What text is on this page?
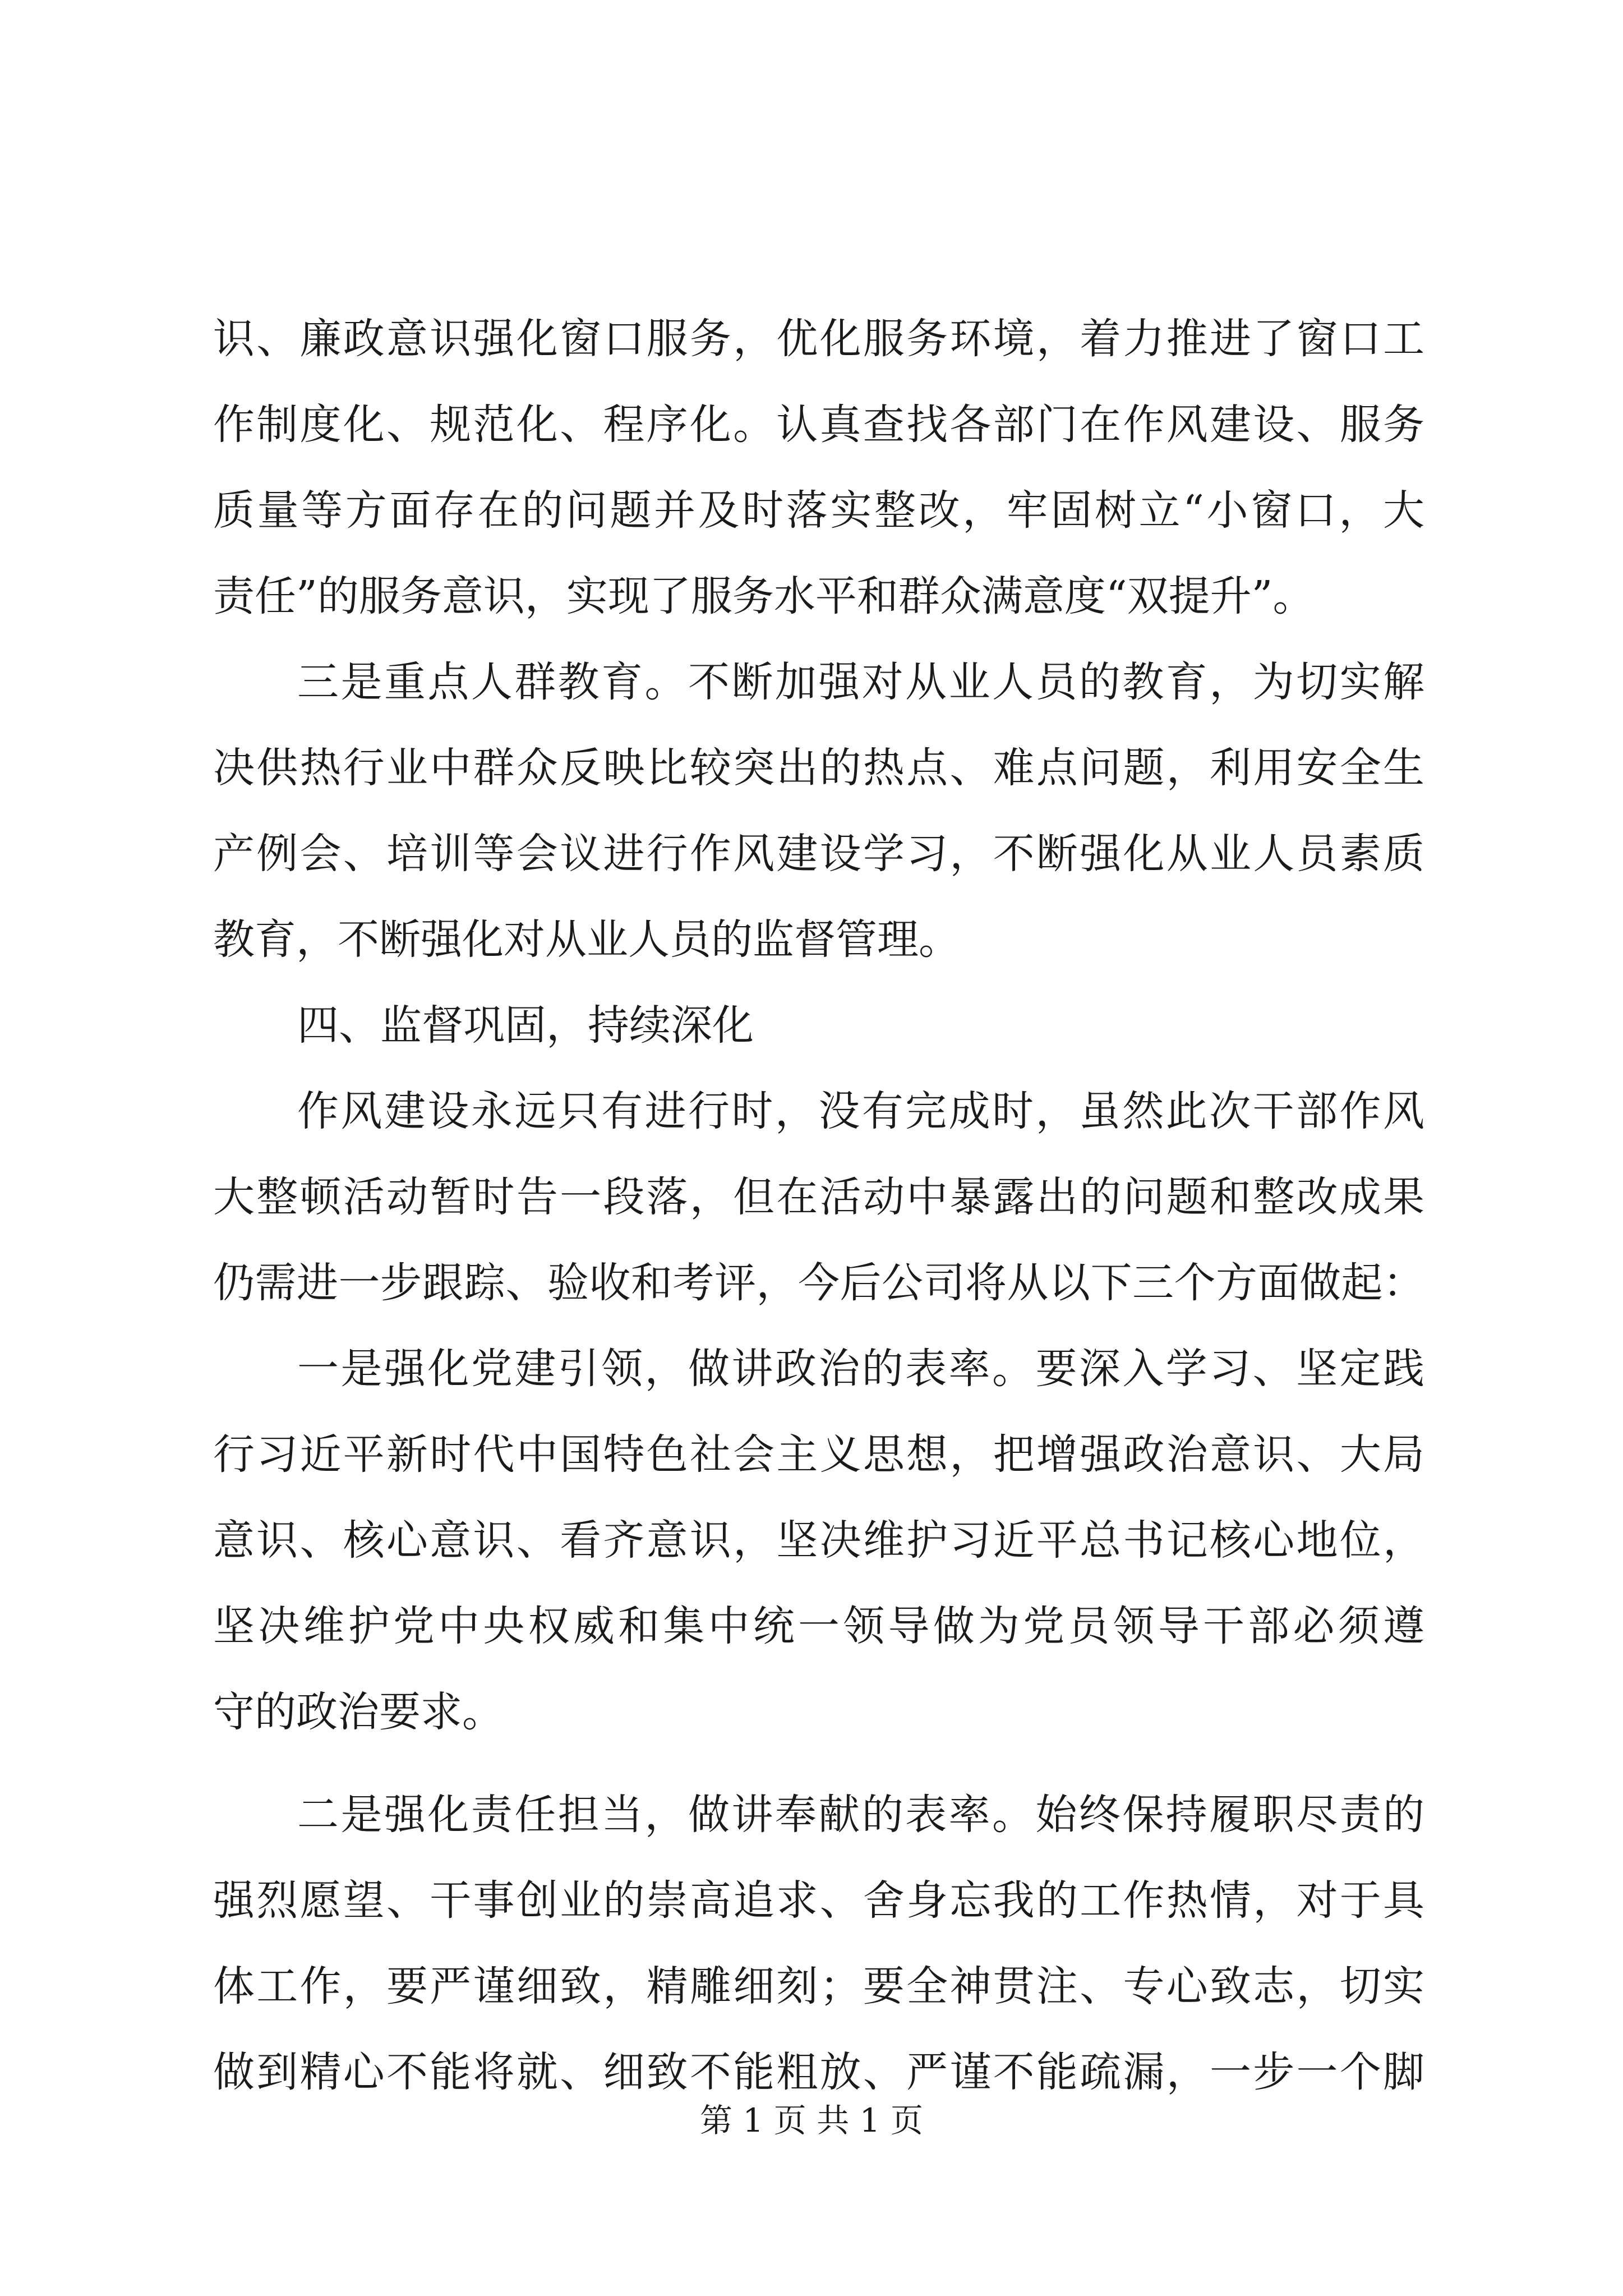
识、廉政意识强化窗口服务，优化服务环境，着力推进了窗口工
作制度化、规范化、程序化。认真查找各部门在作风建设、服务
质量等方面存在的问题并及时落实整改，牢固树立“小窗口，大
责任”的服务意识，实现了服务水平和群众满意度“双提升”。
三是重点人群教育。不断加强对从业人员的教育，为切实解
决供热行业中群众反映比较突出的热点、难点问题，利用安全生
产例会、培训等会议进行作风建设学习，不断强化从业人员素质
教育，不断强化对从业人员的监督管理。
四、监督巩固，持续深化
作风建设永远只有进行时，没有完成时，虽然此次干部作风
大整顿活动暂时告一段落，但在活动中暴露出的问题和整改成果
仍需进一步跟踪、验收和考评，今后公司将从以下三个方面做起：
一是强化党建引领，做讲政治的表率。要深入学习、坚定践
行习近平新时代中国特色社会主义思想，把增强政治意识、大局
意识、核心意识、看齐意识，坚决维护习近平总书记核心地位，
坚决维护党中央权威和集中统一领导做为党员领导干部必须遵
守的政治要求。
二是强化责任担当，做讲奉献的表率。始终保持履职尽责的
强烈愿望、干事创业的崇高追求、舍身忘我的工作热情，对于具
体工作，要严谨细致，精雕细刻；要全神贯注、专心致志，切实
做到精心不能将就、细致不能粗放、严谨不能疏漏，一步一个脚
第 1 页 共 1 页
